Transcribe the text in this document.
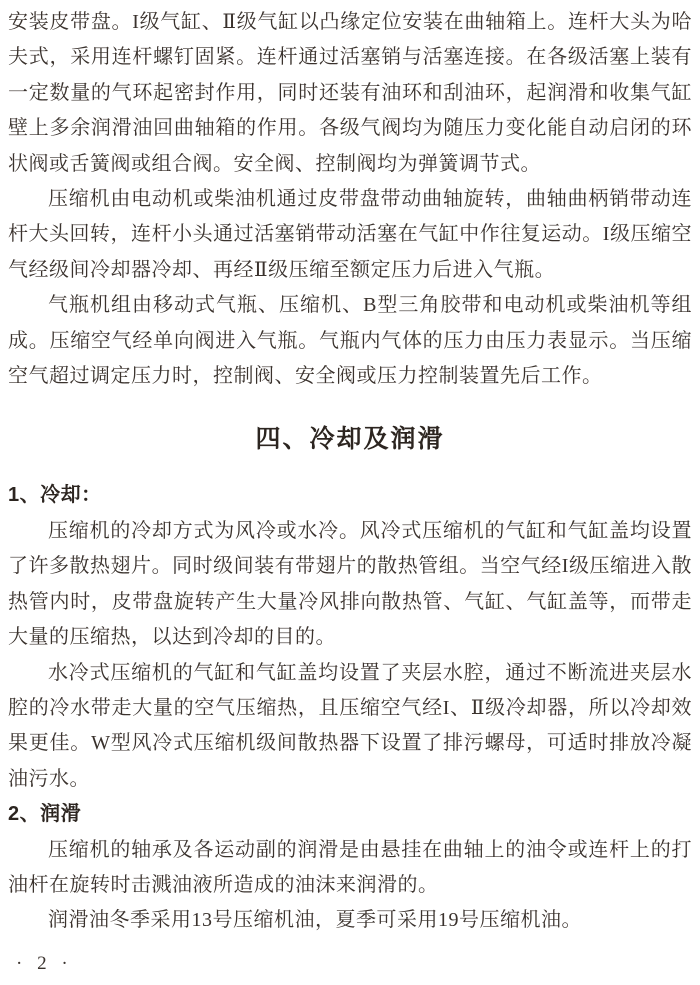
安装皮带盘。I级气缸、Ⅱ级气缸以凸缘定位安装在曲轴箱上。连杆大头为哈夫式，采用连杆螺钉固紧。连杆通过活塞销与活塞连接。在各级活塞上装有一定数量的气环起密封作用，同时还装有油环和刮油环，起润滑和收集气缸壁上多余润滑油回曲轴箱的作用。各级气阀均为随压力变化能自动启闭的环状阀或舌簧阀或组合阀。安全阀、控制阀均为弹簧调节式。

压缩机由电动机或柴油机通过皮带盘带动曲轴旋转，曲轴曲柄销带动连杆大头回转，连杆小头通过活塞销带动活塞在气缸中作往复运动。I级压缩空气经级间冷却器冷却、再经Ⅱ级压缩至额定压力后进入气瓶。

气瓶机组由移动式气瓶、压缩机、B型三角胶带和电动机或柴油机等组成。压缩空气经单向阀进入气瓶。气瓶内气体的压力由压力表显示。当压缩空气超过调定压力时，控制阀、安全阀或压力控制装置先后工作。

四、冷却及润滑
1、冷却：

压缩机的冷却方式为风冷或水冷。风冷式压缩机的气缸和气缸盖均设置了许多散热翅片。同时级间装有带翅片的散热管组。当空气经I级压缩进入散热管内时，皮带盘旋转产生大量冷风排向散热管、气缸、气缸盖等，而带走大量的压缩热，以达到冷却的目的。

水冷式压缩机的气缸和气缸盖均设置了夹层水腔，通过不断流进夹层水腔的冷水带走大量的空气压缩热，且压缩空气经I、Ⅱ级冷却器，所以冷却效果更佳。W型风冷式压缩机级间散热器下设置了排污螺母，可适时排放冷凝油污水。

2、润滑

压缩机的轴承及各运动副的润滑是由悬挂在曲轴上的油令或连杆上的打油杆在旋转时击溅油液所造成的油沫来润滑的。

润滑油冬季采用13号压缩机油，夏季可采用19号压缩机油。

· 2 ·
